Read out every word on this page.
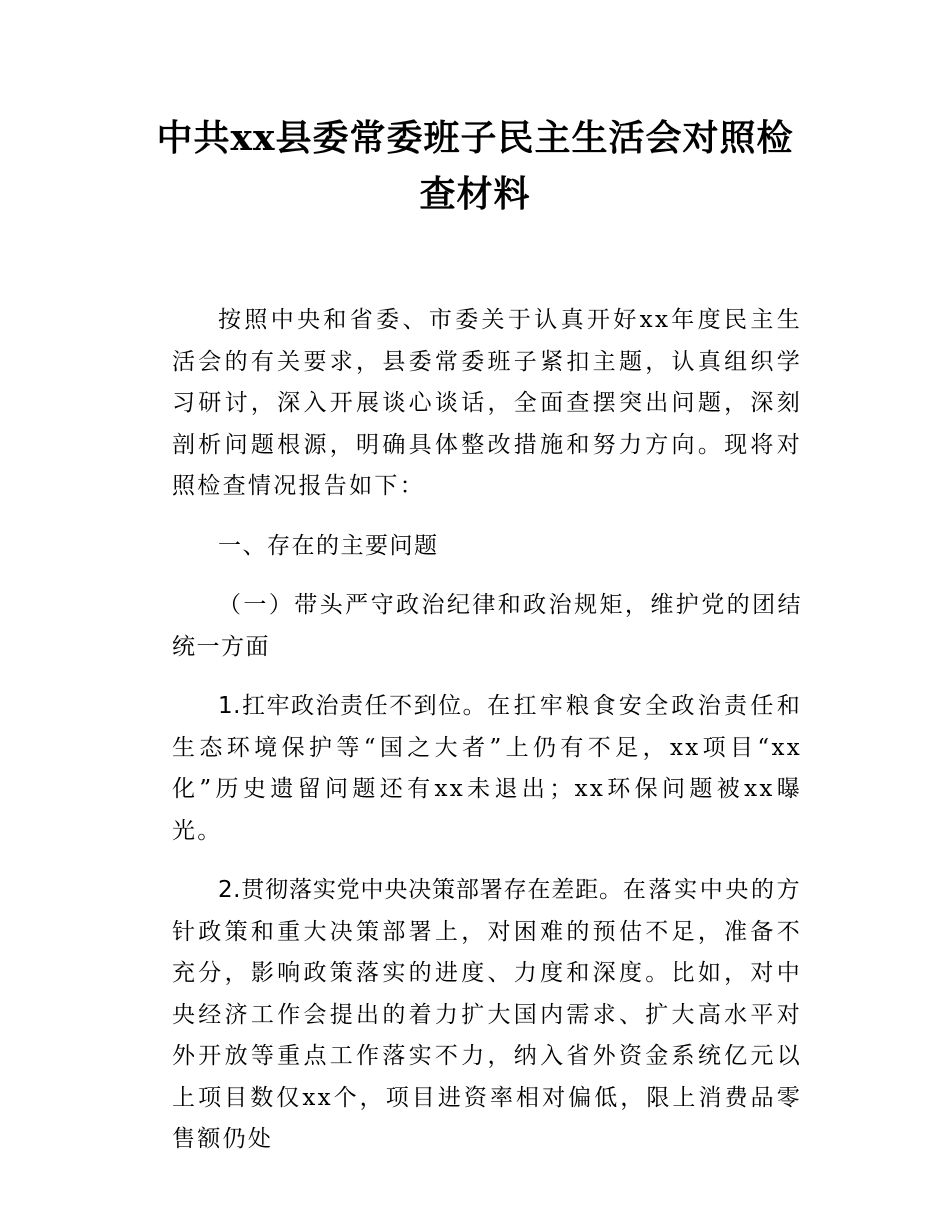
中共xx县委常委班子民主生活会对照检查材料

按照中央和省委、市委关于认真开好xx年度民主生活会的有关要求，县委常委班子紧扣主题，认真组织学习研讨，深入开展谈心谈话，全面查摆突出问题，深刻剖析问题根源，明确具体整改措施和努力方向。现将对照检查情况报告如下：

一、存在的主要问题

（一）带头严守政治纪律和政治规矩，维护党的团结统一方面

1.扛牢政治责任不到位。在扛牢粮食安全政治责任和生态环境保护等“国之大者”上仍有不足，xx项目“xx化”历史遗留问题还有xx未退出；xx环保问题被xx曝光。

2.贯彻落实党中央决策部署存在差距。在落实中央的方针政策和重大决策部署上，对困难的预估不足，准备不充分，影响政策落实的进度、力度和深度。比如，对中央经济工作会提出的着力扩大国内需求、扩大高水平对外开放等重点工作落实不力，纳入省外资金系统亿元以上项目数仅xx个，项目进资率相对偏低，限上消费品零售额仍处
